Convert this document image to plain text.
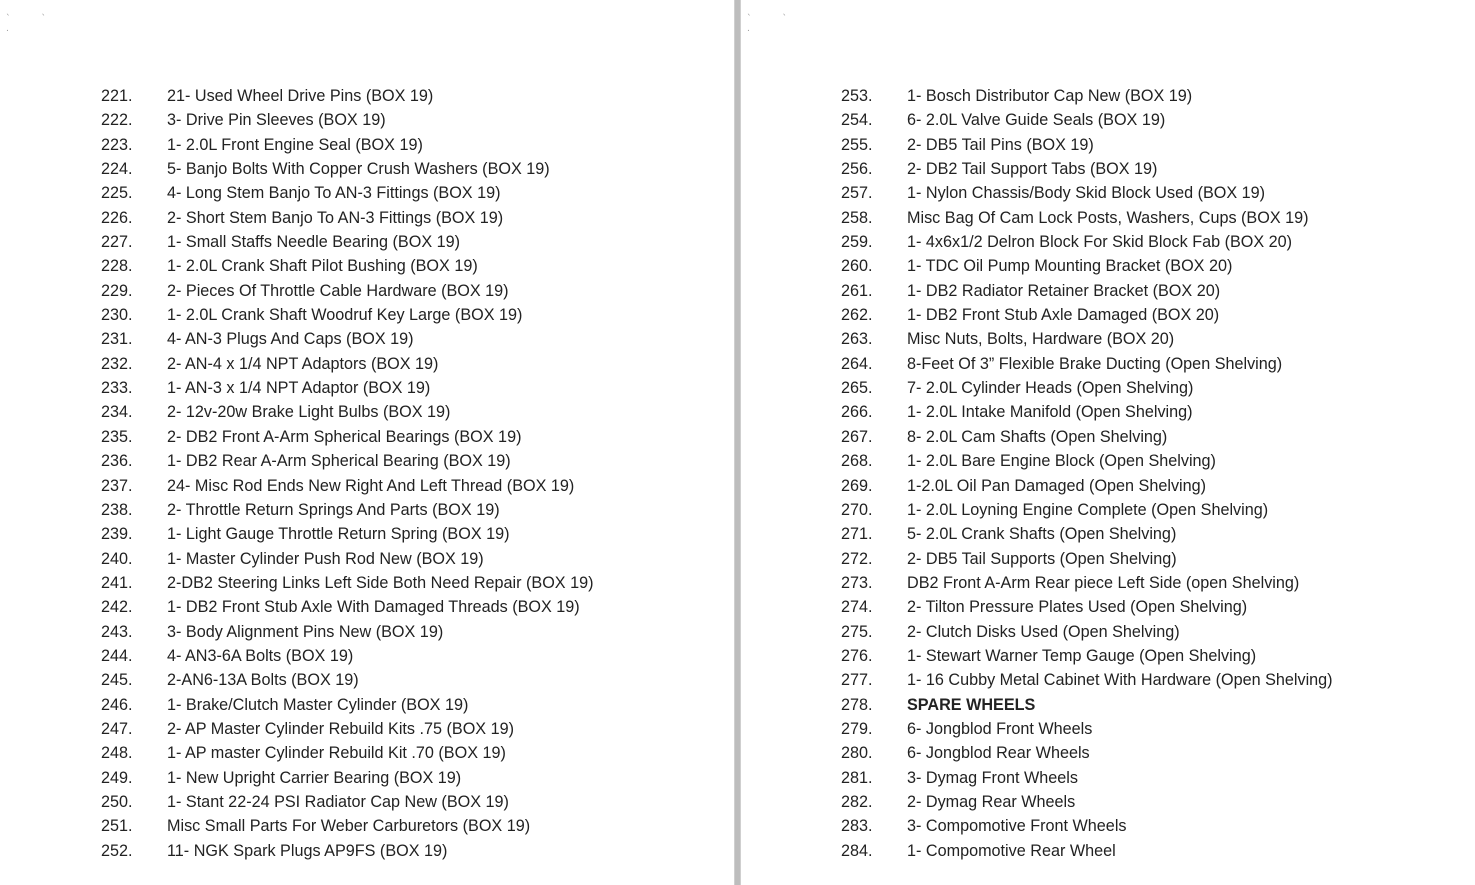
` ` .
221. 21- Used Wheel Drive Pins (BOX 19)
222. 3- Drive Pin Sleeves (BOX 19)
223. 1- 2.0L Front Engine Seal (BOX 19)
224. 5- Banjo Bolts With Copper Crush Washers (BOX 19)
225. 4- Long Stem Banjo To AN-3 Fittings (BOX 19)
226. 2- Short Stem Banjo To AN-3 Fittings (BOX 19)
227. 1- Small Staffs Needle Bearing (BOX 19)
228. 1- 2.0L Crank Shaft Pilot Bushing (BOX 19)
229. 2- Pieces Of Throttle Cable Hardware (BOX 19)
230. 1- 2.0L Crank Shaft Woodruf Key Large (BOX 19)
231. 4- AN-3 Plugs And Caps (BOX 19)
232. 2- AN-4 x 1/4 NPT Adaptors (BOX 19)
233. 1- AN-3 x 1/4 NPT Adaptor (BOX 19)
234. 2- 12v-20w Brake Light Bulbs (BOX 19)
235. 2- DB2 Front A-Arm Spherical Bearings (BOX 19)
236. 1- DB2 Rear A-Arm Spherical Bearing (BOX 19)
237. 24- Misc Rod Ends New Right And Left Thread (BOX 19)
238. 2- Throttle Return Springs And Parts (BOX 19)
239. 1- Light Gauge Throttle Return Spring (BOX 19)
240. 1- Master Cylinder Push Rod New (BOX 19)
241.2-DB2 Steering Links Left Side Both Need Repair (BOX 19)
242. 1- DB2 Front Stub Axle With Damaged Threads (BOX 19)
243. 3- Body Alignment Pins New (BOX 19)
244. 4- AN3-6A Bolts (BOX 19)
245. 2-AN6-13A Bolts (BOX 19)
246. 1- Brake/Clutch Master Cylinder (BOX 19)
247. 2- AP Master Cylinder Rebuild Kits .75 (BOX 19)
248. 1- AP master Cylinder Rebuild Kit .70 (BOX 19)
249. 1- New Upright Carrier Bearing (BOX 19)
250. 1- Stant 22-24 PSI Radiator Cap New (BOX 19)
251. Misc Small Parts For Weber Carburetors (BOX 19)
252. 11- NGK Spark Plugs AP9FS (BOX 19)
` ` .
253. 1- Bosch Distributor Cap New (BOX 19)
254. 6- 2.0L Valve Guide Seals (BOX 19)
255. 2- DB5 Tail Pins (BOX 19)
256. 2- DB2 Tail Support Tabs (BOX 19)
257. 1- Nylon Chassis/Body Skid Block Used (BOX 19)
258. Misc Bag Of Cam Lock Posts, Washers, Cups (BOX 19)
259. 1- 4x6x1/2 Delron Block For Skid Block Fab (BOX 20)
260. 1- TDC Oil Pump Mounting Bracket (BOX 20)
261. 1- DB2 Radiator Retainer Bracket (BOX 20)
262. 1- DB2 Front Stub Axle Damaged (BOX 20)
263. Misc Nuts, Bolts, Hardware (BOX 20)
264. 8-Feet Of 3” Flexible Brake Ducting (Open Shelving)
265. 7- 2.0L Cylinder Heads (Open Shelving)
266. 1- 2.0L Intake Manifold (Open Shelving)
267. 8- 2.0L Cam Shafts (Open Shelving)
268. 1- 2.0L Bare Engine Block (Open Shelving)
269. 1-2.0L Oil Pan Damaged (Open Shelving)
270. 1- 2.0L Loyning Engine Complete (Open Shelving)
271. 5- 2.0L Crank Shafts (Open Shelving)
272. 2- DB5 Tail Supports (Open Shelving)
273. DB2 Front A-Arm Rear piece Left Side (open Shelving)
274. 2- Tilton Pressure Plates Used (Open Shelving)
275. 2- Clutch Disks Used (Open Shelving)
276. 1- Stewart Warner Temp Gauge (Open Shelving)
277. 1- 16 Cubby Metal Cabinet With Hardware (Open Shelving)
278. SPARE WHEELS
279. 6- Jongblod Front Wheels
280. 6- Jongblod Rear Wheels
281. 3- Dymag Front Wheels
282. 2- Dymag Rear Wheels
283. 3- Compomotive Front Wheels
284. 1- Compomotive Rear Wheel
